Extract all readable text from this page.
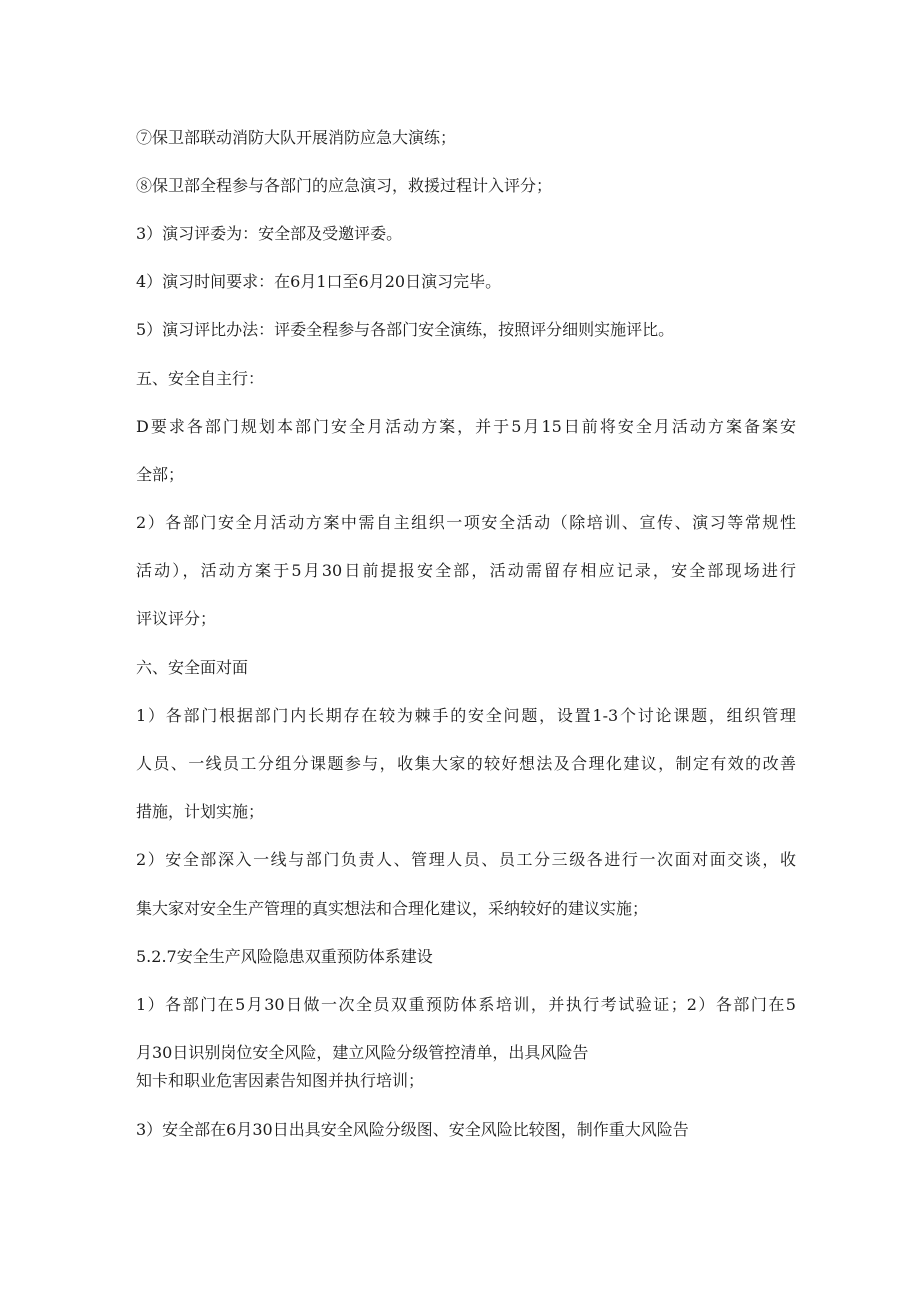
⑦保卫部联动消防大队开展消防应急大演练；
⑧保卫部全程参与各部门的应急演习，救援过程计入评分；
3）演习评委为：安全部及受邀评委。
4）演习时间要求：在6月1口至6月20日演习完毕。
5）演习评比办法：评委全程参与各部门安全演练，按照评分细则实施评比。
五、安全自主行：
D要求各部门规划本部门安全月活动方案，并于5月15日前将安全月活动方案备案安
全部；
2）各部门安全月活动方案中需自主组织一项安全活动（除培训、宣传、演习等常规性
活动），活动方案于5月30日前提报安全部，活动需留存相应记录，安全部现场进行
评议评分；
六、安全面对面
1）各部门根据部门内长期存在较为棘手的安全问题，设置1-3个讨论课题，组织管理
人员、一线员工分组分课题参与，收集大家的较好想法及合理化建议，制定有效的改善
措施，计划实施；
2）安全部深入一线与部门负责人、管理人员、员工分三级各进行一次面对面交谈，收
集大家对安全生产管理的真实想法和合理化建议，采纳较好的建议实施；
5.2.7安全生产风险隐患双重预防体系建设
1）各部门在5月30日做一次全员双重预防体系培训，并执行考试验证；2）各部门在5
月30日识别岗位安全风险，建立风险分级管控清单，出具风险告
知卡和职业危害因素告知图并执行培训；
3）安全部在6月30日出具安全风险分级图、安全风险比较图，制作重大风险告
